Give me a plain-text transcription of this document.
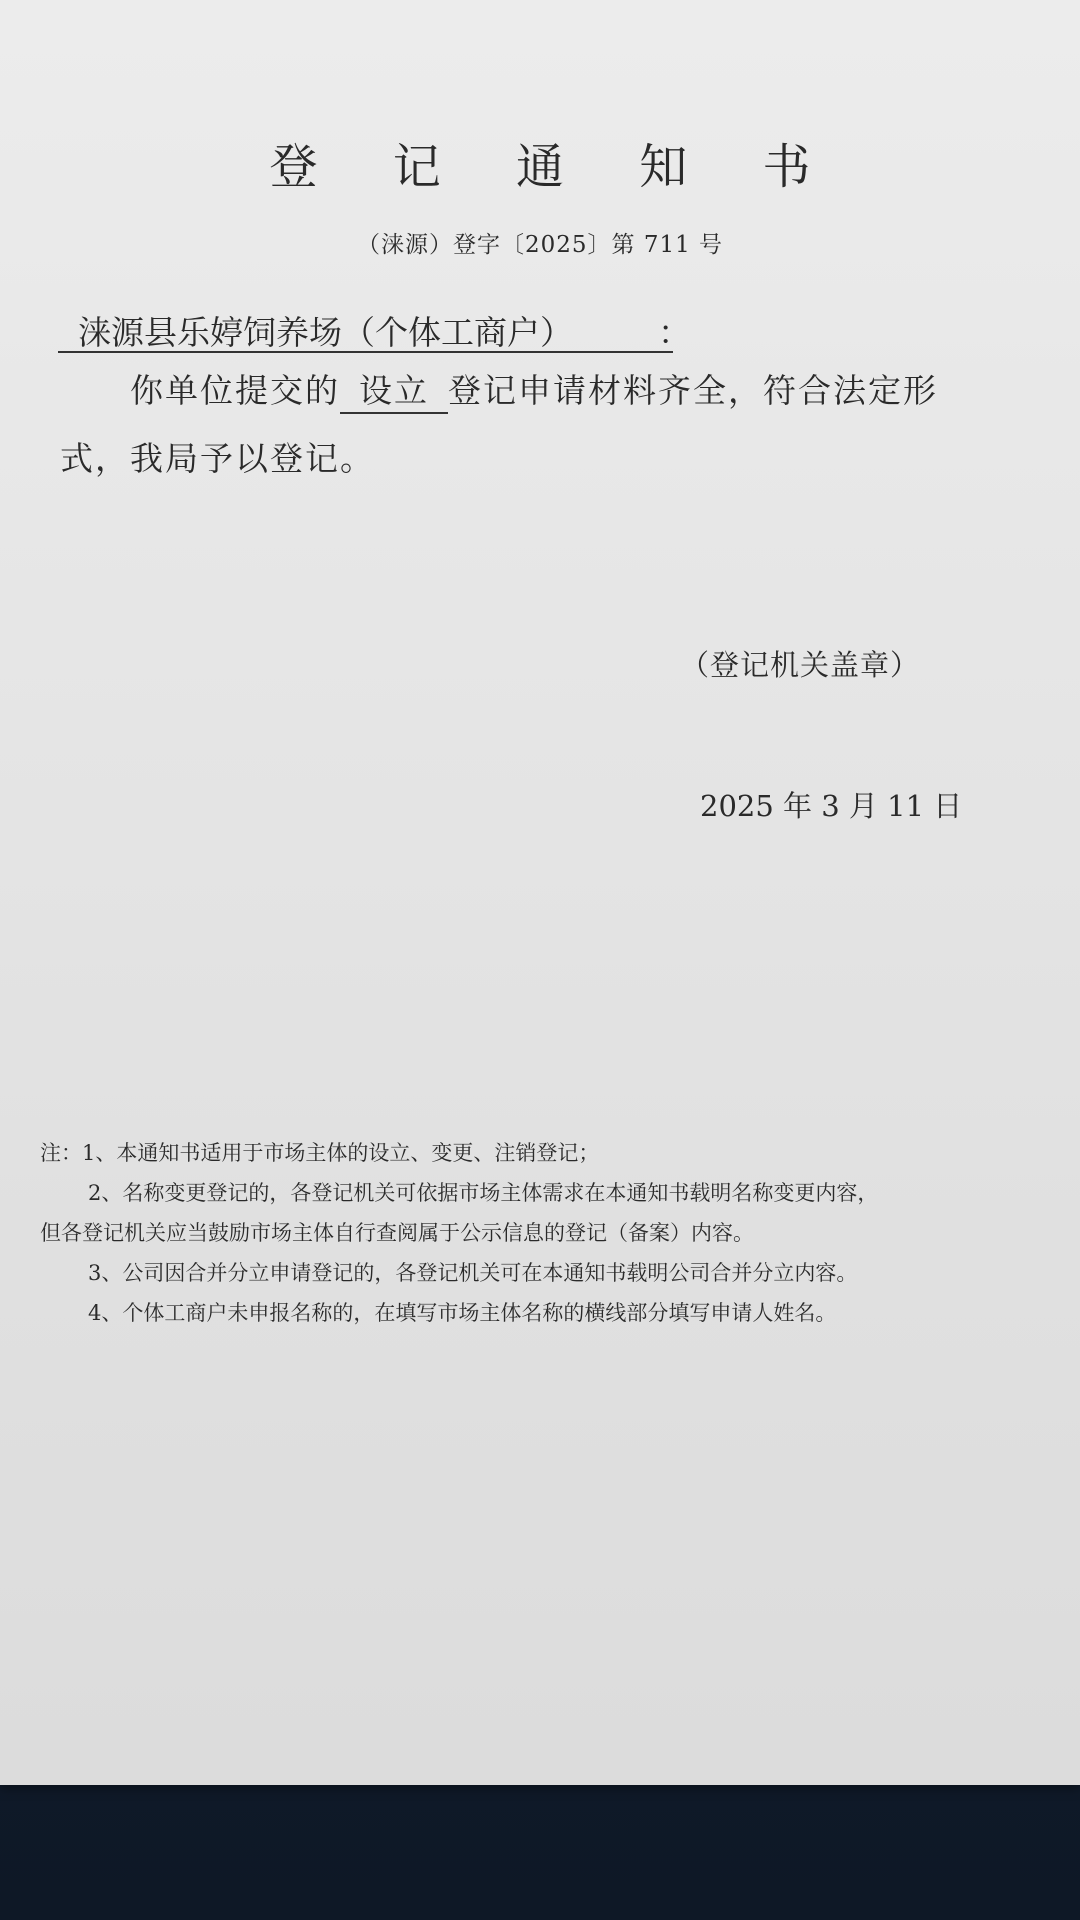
登 记 通 知 书
（涞源）登字〔2025〕第 711 号
涞源县乐婷饲养场（个体工商户）	：
你单位提交的 设立 登记申请材料齐全，符合法定形
式，我局予以登记。
（登记机关盖章）
2025 年 3 月 11 日
注：1、本通知书适用于市场主体的设立、变更、注销登记；
2、名称变更登记的，各登记机关可依据市场主体需求在本通知书载明名称变更内容，
但各登记机关应当鼓励市场主体自行查阅属于公示信息的登记（备案）内容。
3、公司因合并分立申请登记的，各登记机关可在本通知书载明公司合并分立内容。
4、个体工商户未申报名称的，在填写市场主体名称的横线部分填写申请人姓名。
